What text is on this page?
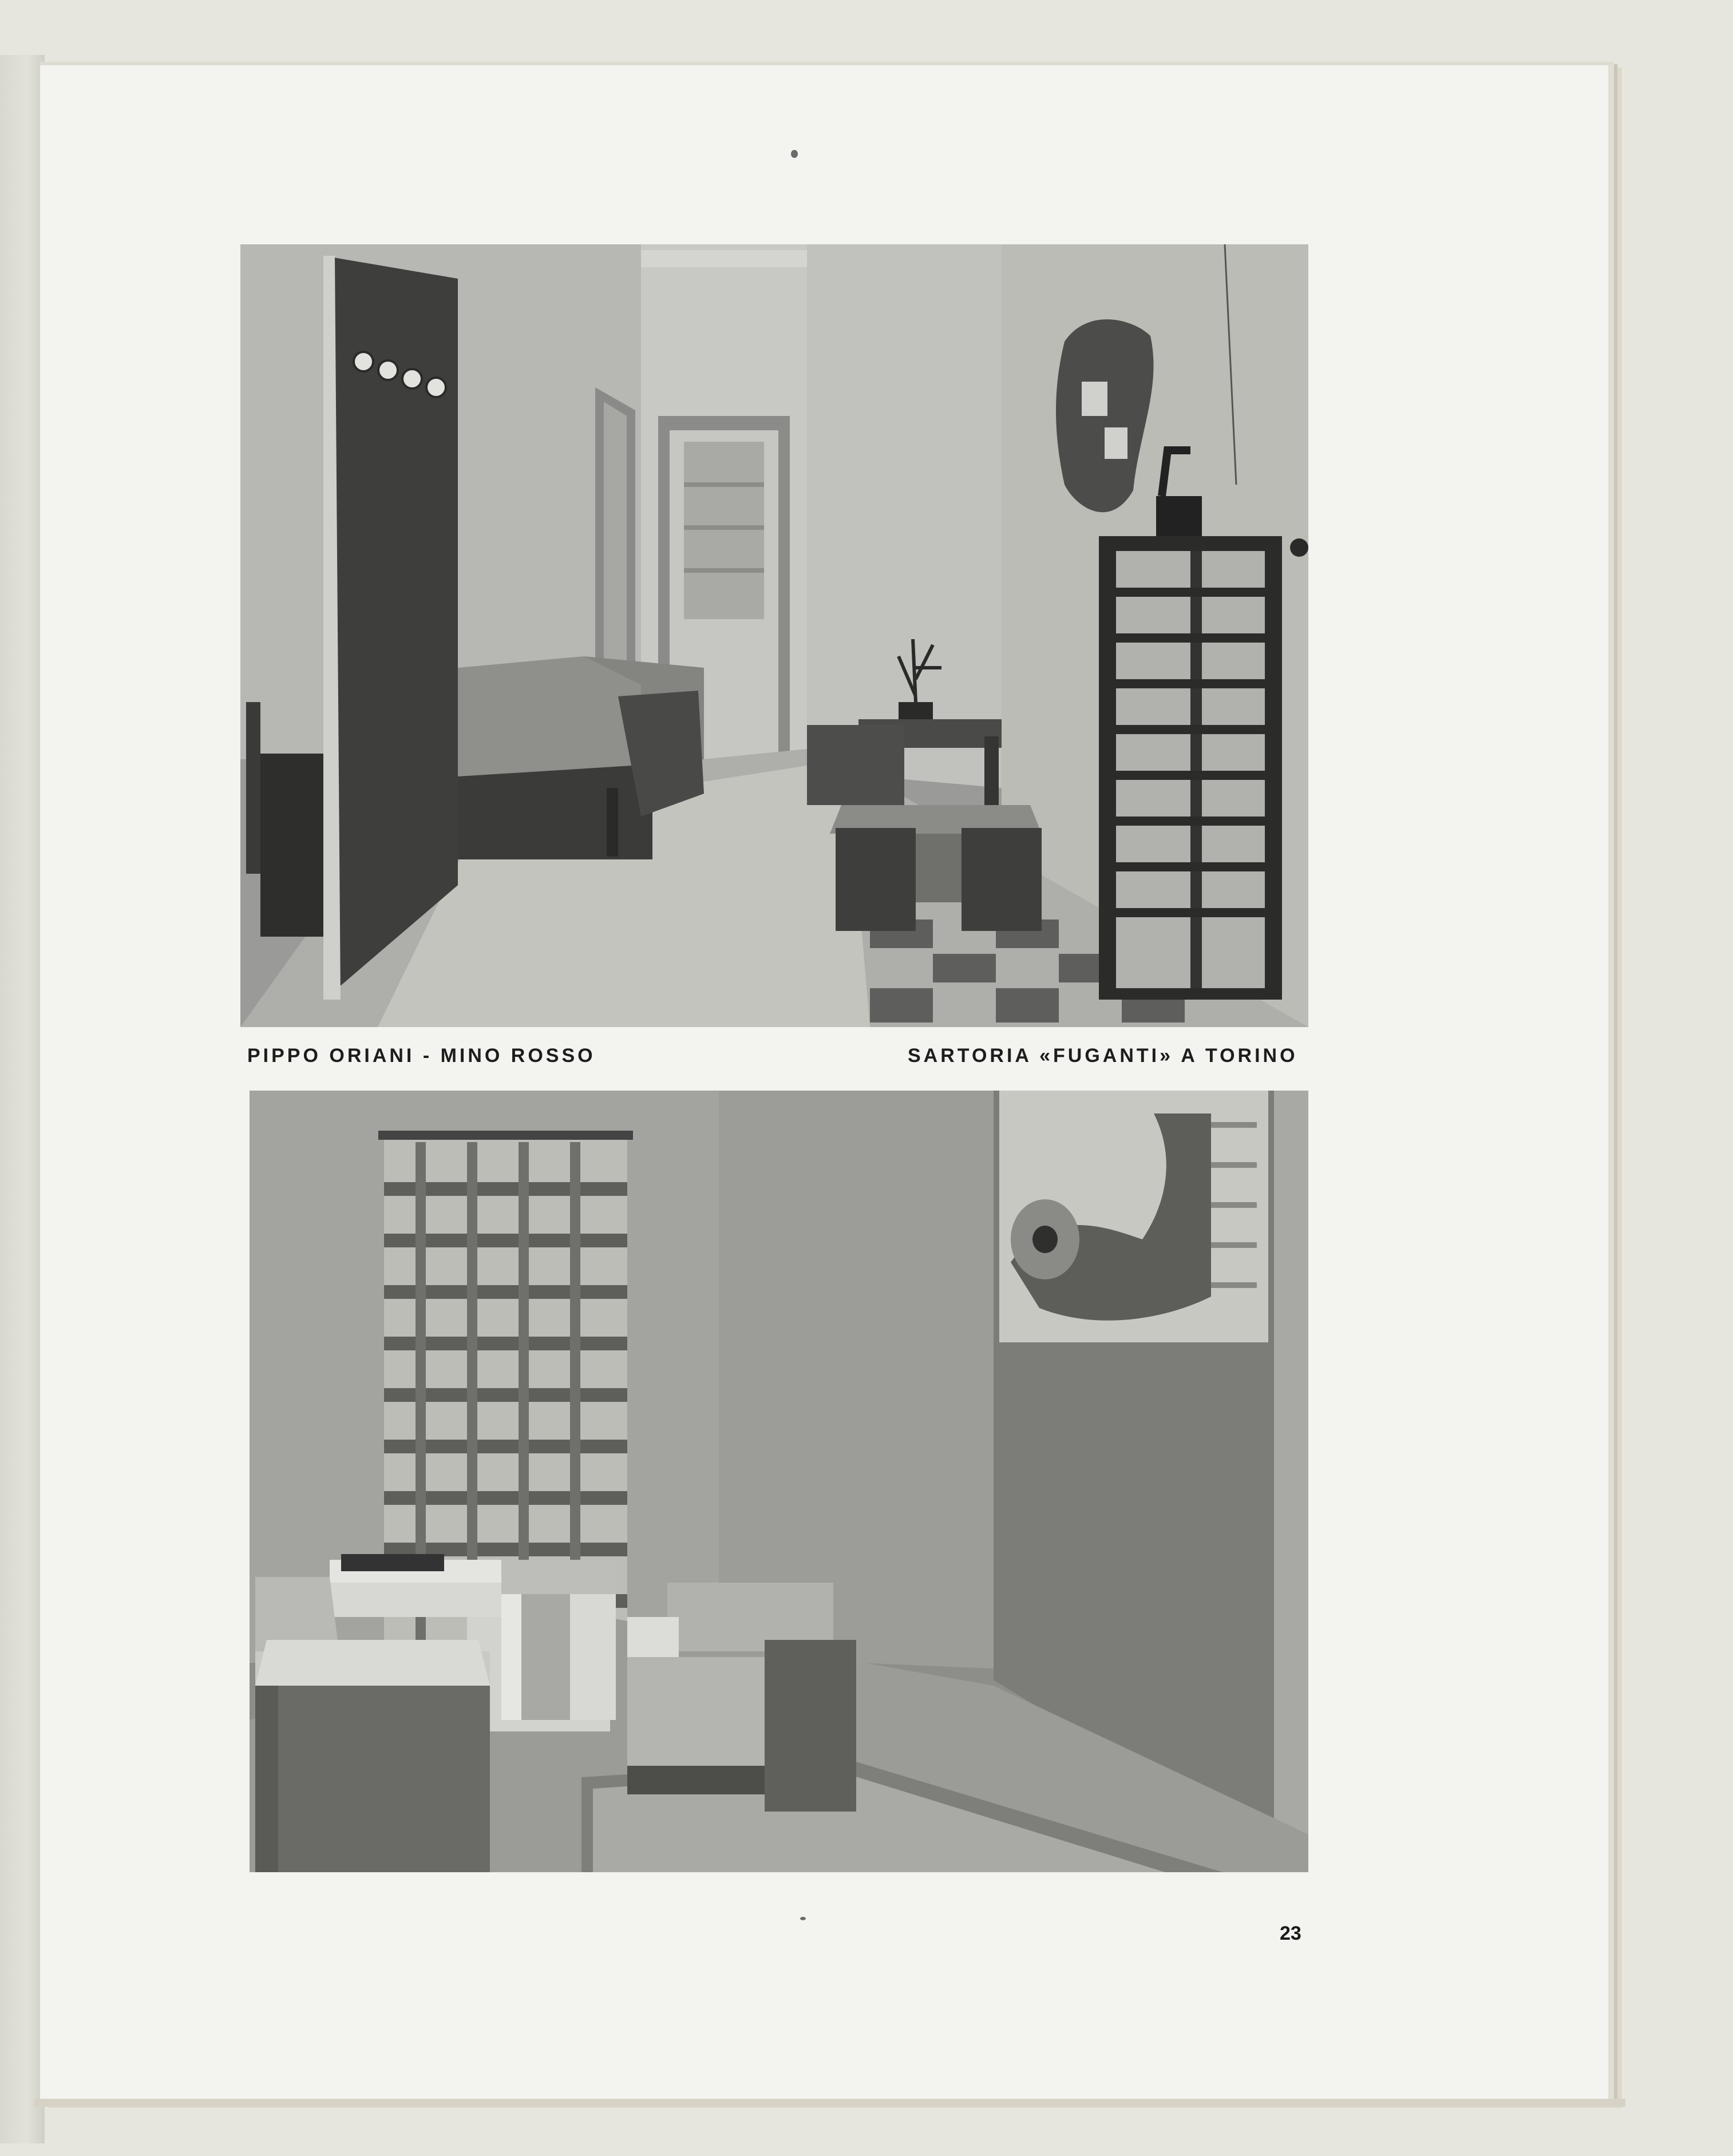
PIPPO ORIANI - MINO ROSSO	SARTORIA «FUGANTI» A TORINO
23
